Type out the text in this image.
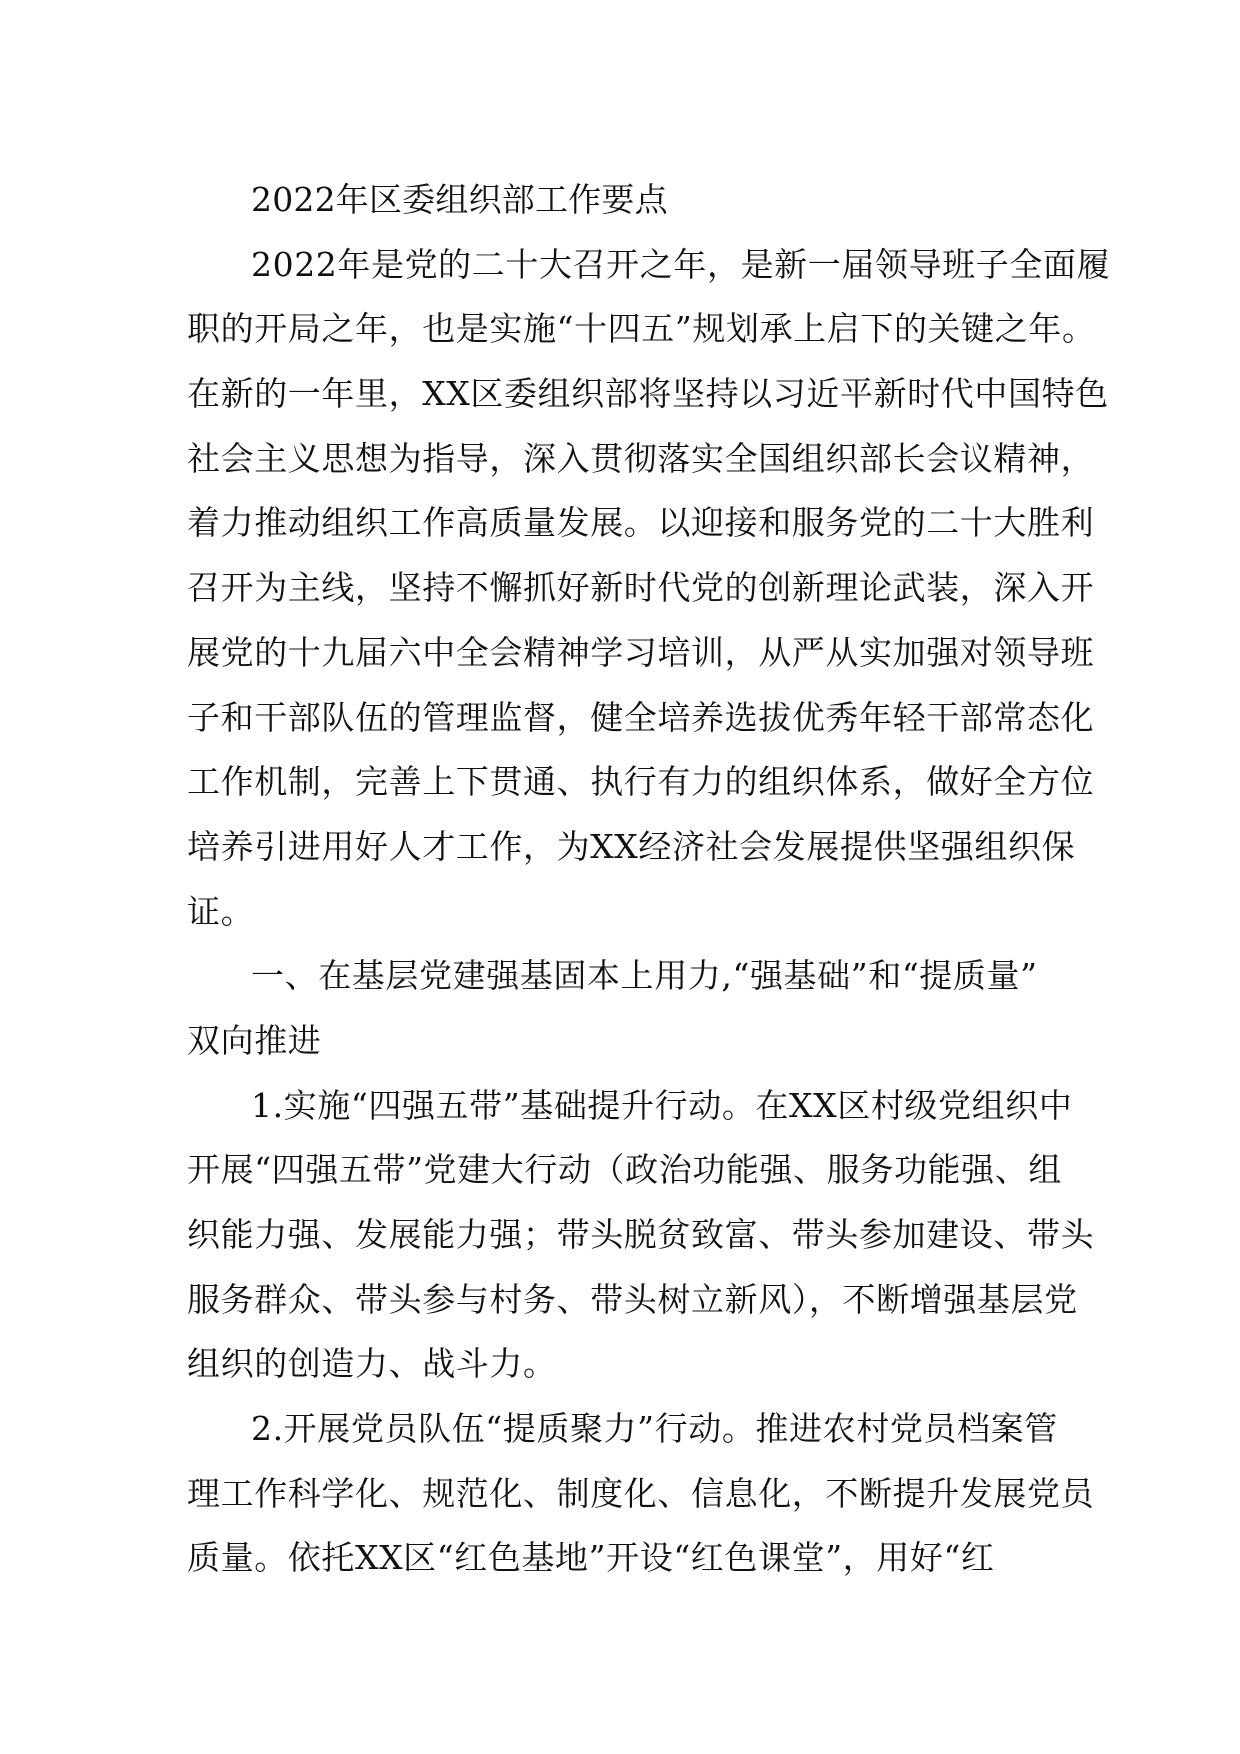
2022年区委组织部工作要点
2022年是党的二十大召开之年，是新一届领导班子全面履
职的开局之年，也是实施“十四五”规划承上启下的关键之年。
在新的一年里，XX区委组织部将坚持以习近平新时代中国特色
社会主义思想为指导，深入贯彻落实全国组织部长会议精神，
着力推动组织工作高质量发展。以迎接和服务党的二十大胜利
召开为主线，坚持不懈抓好新时代党的创新理论武装，深入开
展党的十九届六中全会精神学习培训，从严从实加强对领导班
子和干部队伍的管理监督，健全培养选拔优秀年轻干部常态化
工作机制，完善上下贯通、执行有力的组织体系，做好全方位
培养引进用好人才工作，为XX经济社会发展提供坚强组织保
证。
一、在基层党建强基固本上用力,“强基础”和“提质量”
双向推进
1.实施“四强五带”基础提升行动。在XX区村级党组织中
开展“四强五带”党建大行动（政治功能强、服务功能强、组
织能力强、发展能力强；带头脱贫致富、带头参加建设、带头
服务群众、带头参与村务、带头树立新风），不断增强基层党
组织的创造力、战斗力。
2.开展党员队伍“提质聚力”行动。推进农村党员档案管
理工作科学化、规范化、制度化、信息化，不断提升发展党员
质量。依托XX区“红色基地”开设“红色课堂”，用好“红
